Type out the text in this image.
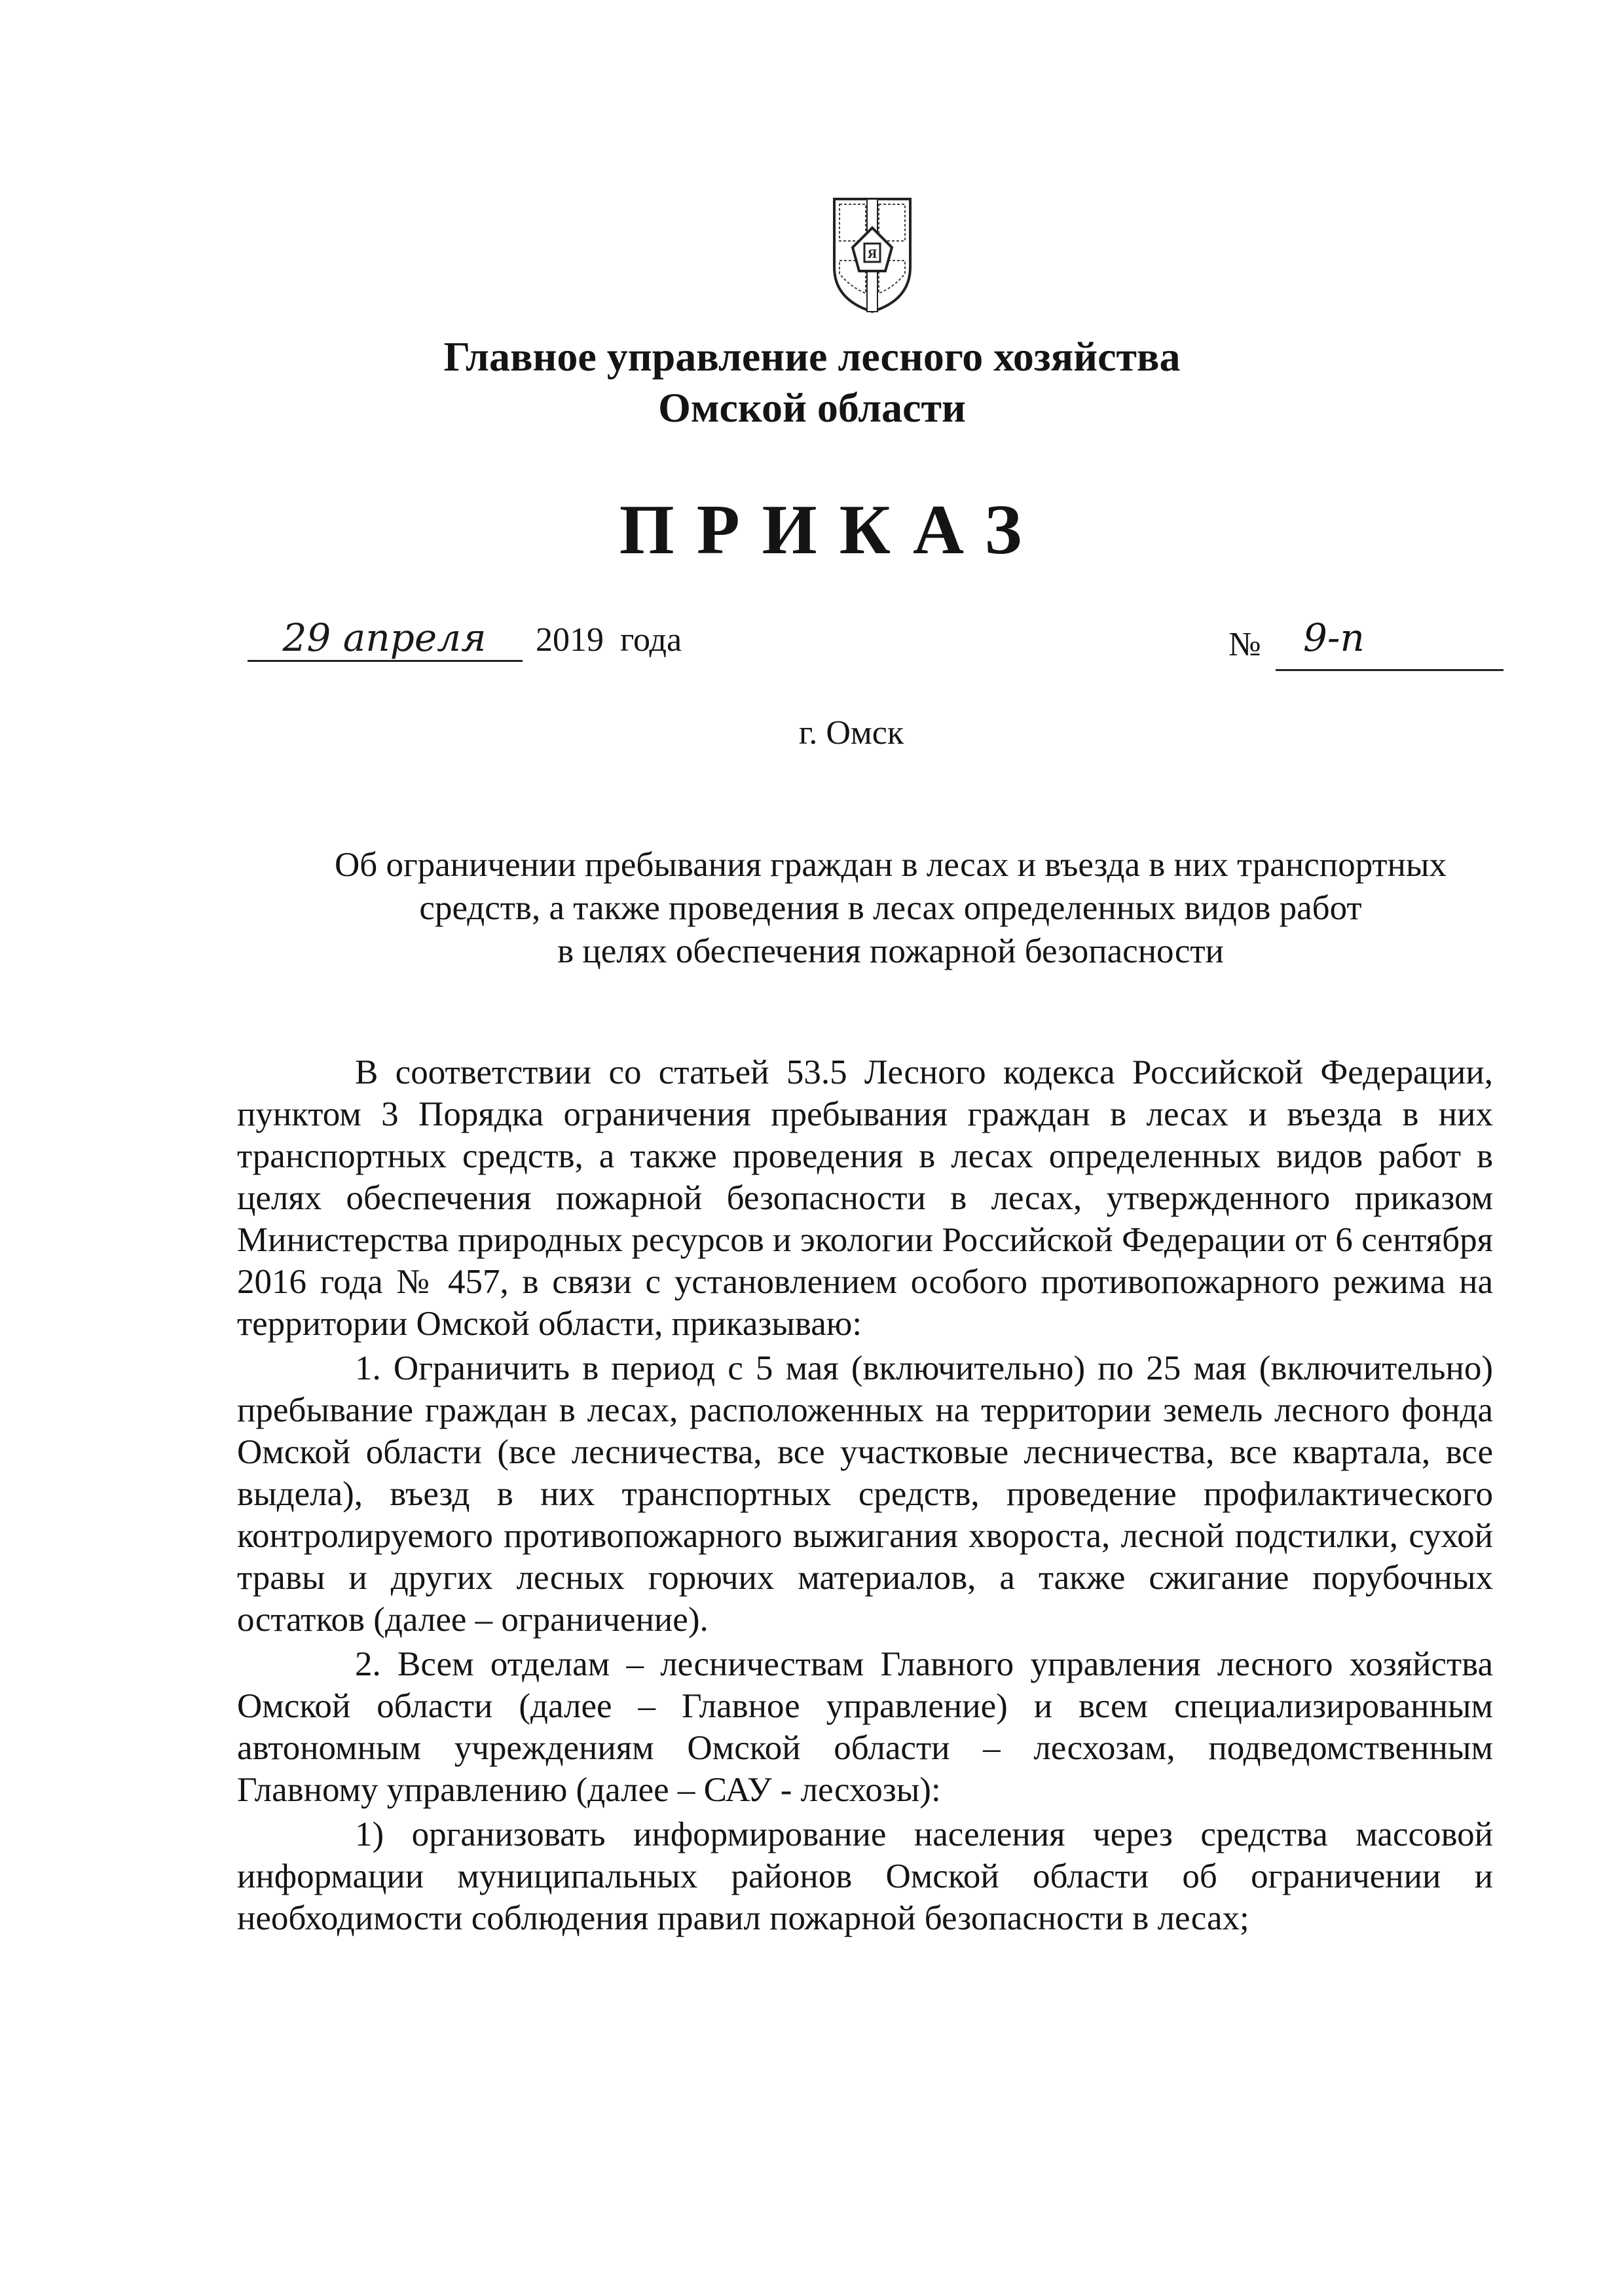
Я
Главное управление лесного хозяйства
Омской области
ПРИКАЗ
29 апреля	2019 года	№ 9-п
г. Омск
Об ограничении пребывания граждан в лесах и въезда в них транспортных
средств, а также проведения в лесах определенных видов работ
в целях обеспечения пожарной безопасности

В соответствии со статьей 53.5 Лесного кодекса Российской Федерации, пунктом 3 Порядка ограничения пребывания граждан в лесах и въезда в них транспортных средств, а также проведения в лесах определенных видов работ в целях обеспечения пожарной безопасности в лесах, утвержденного приказом Министерства природных ресурсов и экологии Российской Федерации от 6 сентября 2016 года № 457, в связи с установлением особого противопожарного режима на территории Омской области, приказываю:

1. Ограничить в период с 5 мая (включительно) по 25 мая (включительно) пребывание граждан в лесах, расположенных на территории земель лесного фонда Омской области (все лесничества, все участковые лесничества, все квартала, все выдела), въезд в них транспортных средств, проведение профилактического контролируемого противопожарного выжигания хвороста, лесной подстилки, сухой травы и других лесных горючих материалов, а также сжигание порубочных остатков (далее – ограничение).

2. Всем отделам – лесничествам Главного управления лесного хозяйства Омской области (далее – Главное управление) и всем специализированным автономным учреждениям Омской области – лесхозам, подведомственным Главному управлению (далее – САУ - лесхозы):

1) организовать информирование населения через средства массовой информации муниципальных районов Омской области об ограничении и необходимости соблюдения правил пожарной безопасности в лесах;
